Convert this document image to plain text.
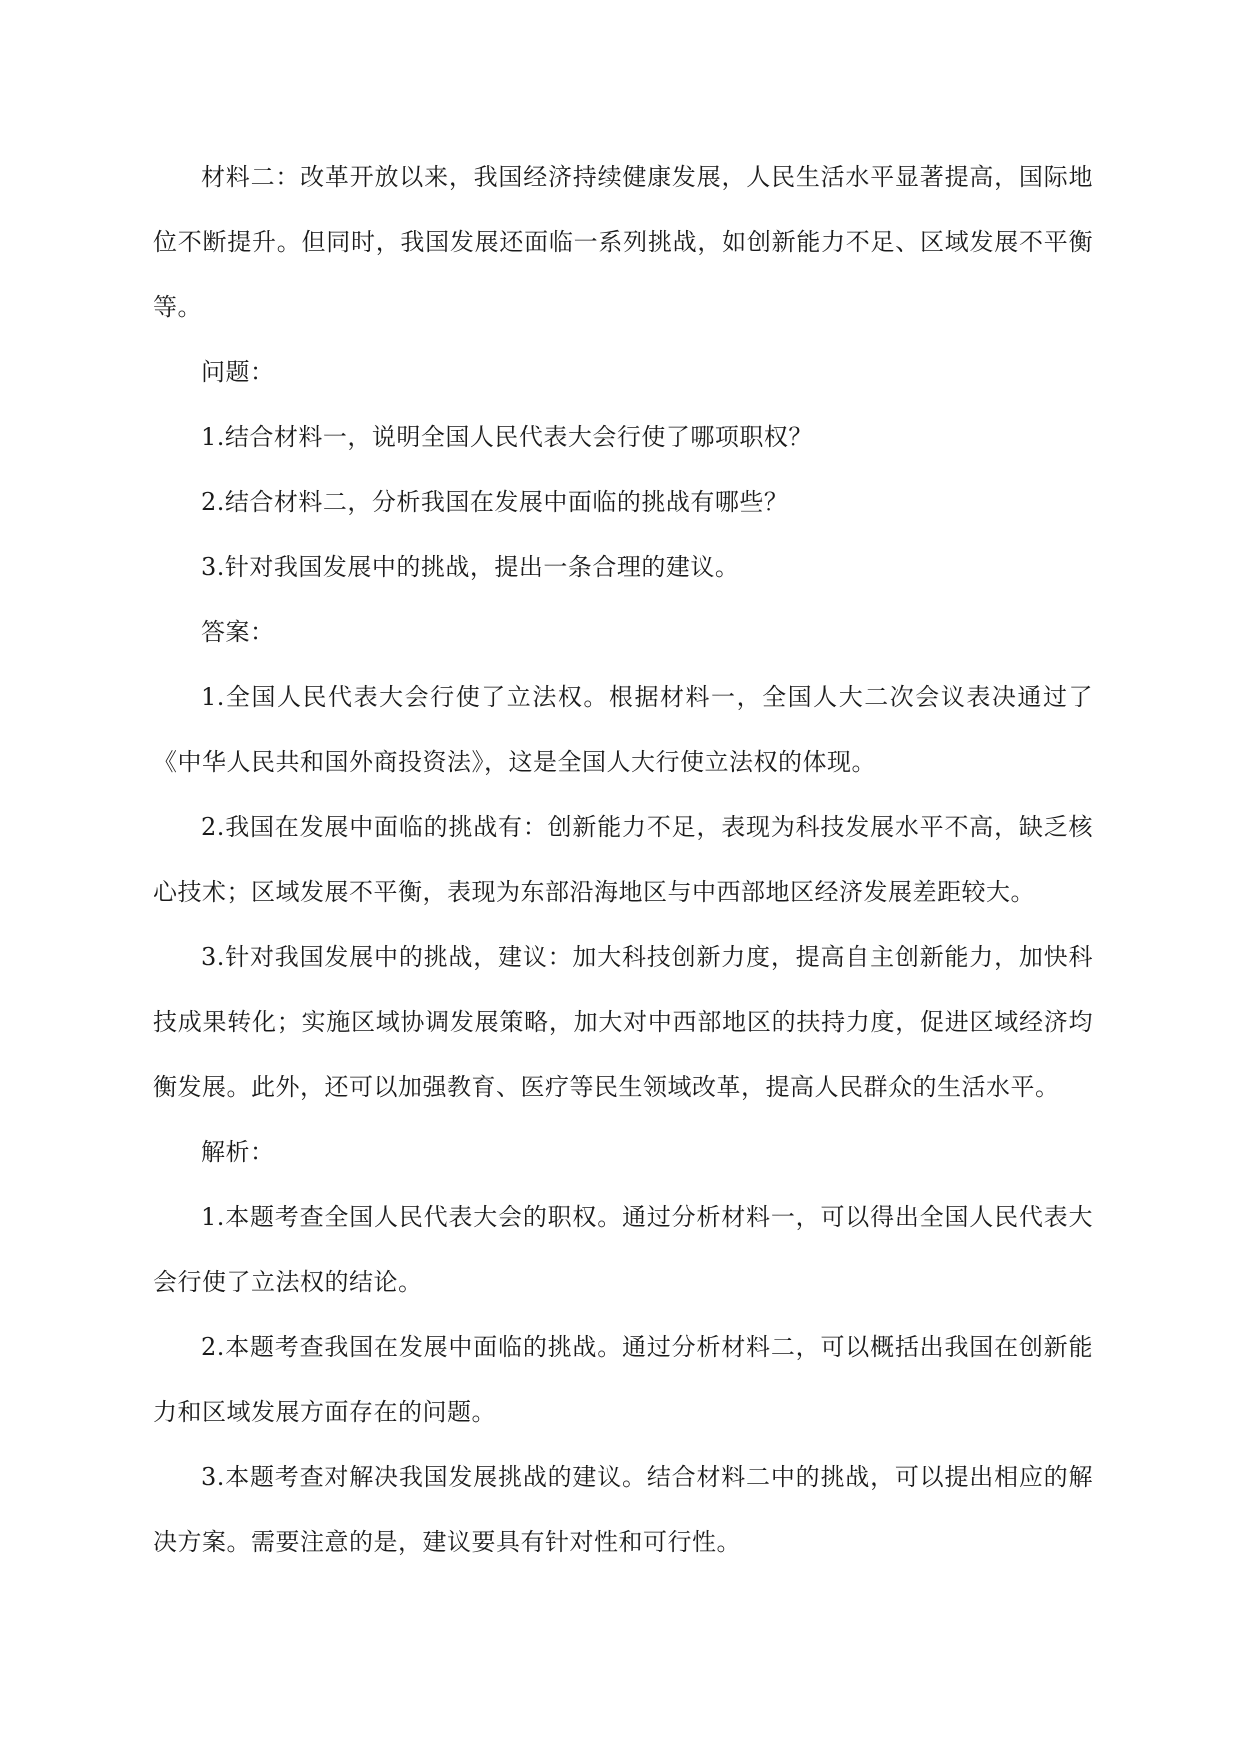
材料二：改革开放以来，我国经济持续健康发展，人民生活水平显著提高，国际地位不断提升。但同时，我国发展还面临一系列挑战，如创新能力不足、区域发展不平衡等。

问题：

1.结合材料一，说明全国人民代表大会行使了哪项职权？

2.结合材料二，分析我国在发展中面临的挑战有哪些？

3.针对我国发展中的挑战，提出一条合理的建议。

答案：

1.全国人民代表大会行使了立法权。根据材料一，全国人大二次会议表决通过了《中华人民共和国外商投资法》，这是全国人大行使立法权的体现。

2.我国在发展中面临的挑战有：创新能力不足，表现为科技发展水平不高，缺乏核心技术；区域发展不平衡，表现为东部沿海地区与中西部地区经济发展差距较大。

3.针对我国发展中的挑战，建议：加大科技创新力度，提高自主创新能力，加快科技成果转化；实施区域协调发展策略，加大对中西部地区的扶持力度，促进区域经济均衡发展。此外，还可以加强教育、医疗等民生领域改革，提高人民群众的生活水平。

解析：

1.本题考查全国人民代表大会的职权。通过分析材料一，可以得出全国人民代表大会行使了立法权的结论。

2.本题考查我国在发展中面临的挑战。通过分析材料二，可以概括出我国在创新能力和区域发展方面存在的问题。

3.本题考查对解决我国发展挑战的建议。结合材料二中的挑战，可以提出相应的解决方案。需要注意的是，建议要具有针对性和可行性。
